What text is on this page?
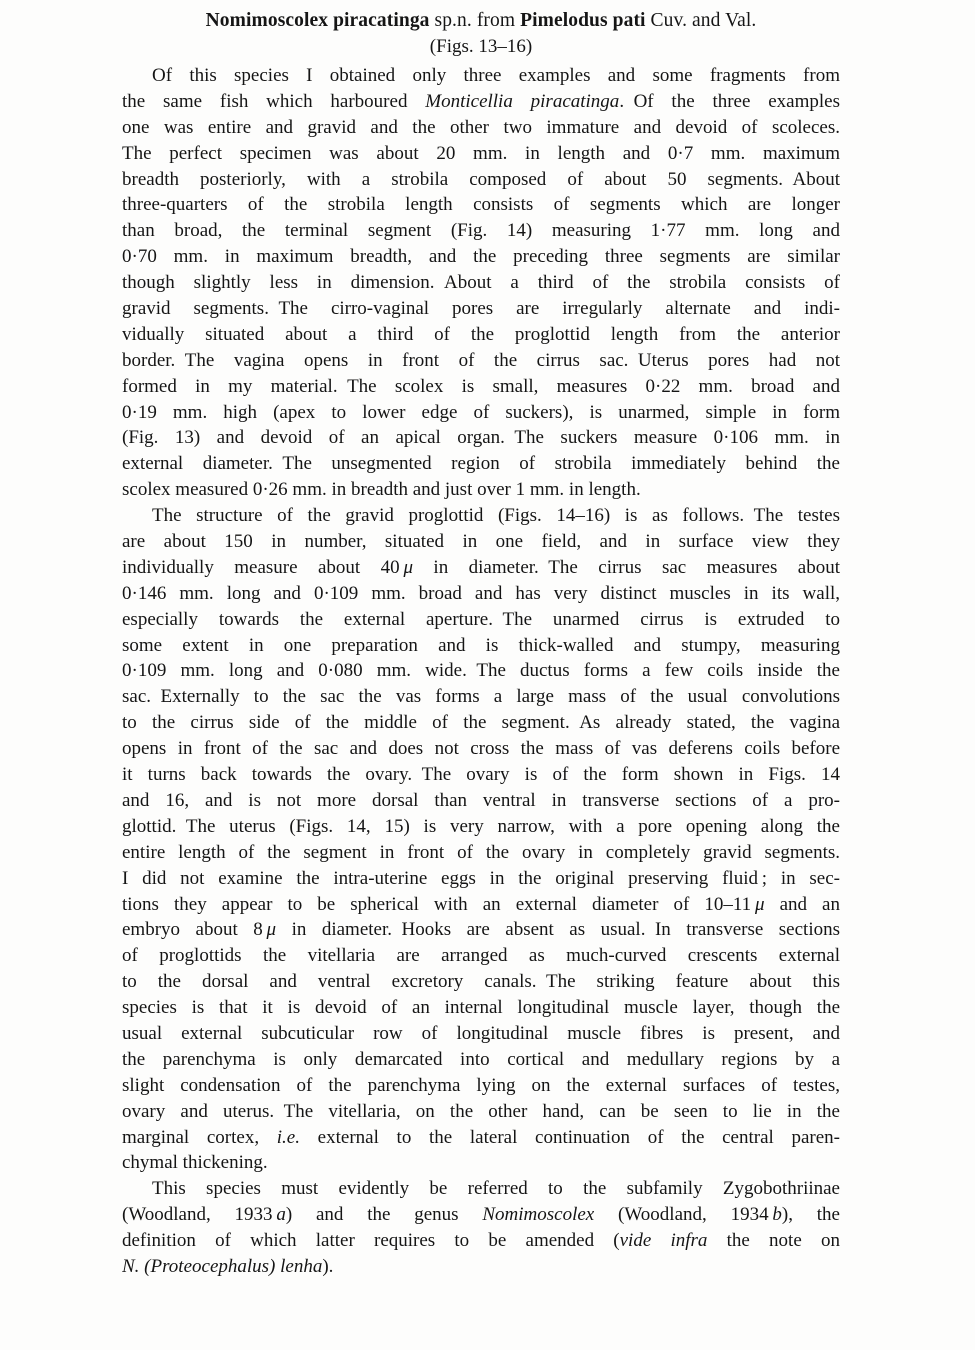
Nomimoscolex piracatinga sp.n. from Pimelodus pati Cuv. and Val.
(Figs. 13–16)
Of this species I obtained only three examples and some fragments from
the same fish which harboured Monticellia piracatinga. Of the three examples
one was entire and gravid and the other two immature and devoid of scoleces.
The perfect specimen was about 20 mm. in length and 0·7 mm. maximum
breadth posteriorly, with a strobila composed of about 50 segments. About
three-quarters of the strobila length consists of segments which are longer
than broad, the terminal segment (Fig. 14) measuring 1·77 mm. long and
0·70 mm. in maximum breadth, and the preceding three segments are similar
though slightly less in dimension. About a third of the strobila consists of
gravid segments. The cirro-vaginal pores are irregularly alternate and indi-
vidually situated about a third of the proglottid length from the anterior
border. The vagina opens in front of the cirrus sac. Uterus pores had not
formed in my material. The scolex is small, measures 0·22 mm. broad and
0·19 mm. high (apex to lower edge of suckers), is unarmed, simple in form
(Fig. 13) and devoid of an apical organ. The suckers measure 0·106 mm. in
external diameter. The unsegmented region of strobila immediately behind the
scolex measured 0·26 mm. in breadth and just over 1 mm. in length.
The structure of the gravid proglottid (Figs. 14–16) is as follows. The testes
are about 150 in number, situated in one field, and in surface view they
individually measure about 40 μ in diameter. The cirrus sac measures about
0·146 mm. long and 0·109 mm. broad and has very distinct muscles in its wall,
especially towards the external aperture. The unarmed cirrus is extruded to
some extent in one preparation and is thick-walled and stumpy, measuring
0·109 mm. long and 0·080 mm. wide. The ductus forms a few coils inside the
sac. Externally to the sac the vas forms a large mass of the usual convolutions
to the cirrus side of the middle of the segment. As already stated, the vagina
opens in front of the sac and does not cross the mass of vas deferens coils before
it turns back towards the ovary. The ovary is of the form shown in Figs. 14
and 16, and is not more dorsal than ventral in transverse sections of a pro-
glottid. The uterus (Figs. 14, 15) is very narrow, with a pore opening along the
entire length of the segment in front of the ovary in completely gravid segments.
I did not examine the intra-uterine eggs in the original preserving fluid ; in sec-
tions they appear to be spherical with an external diameter of 10–11 μ and an
embryo about 8 μ in diameter. Hooks are absent as usual. In transverse sections
of proglottids the vitellaria are arranged as much-curved crescents external
to the dorsal and ventral excretory canals. The striking feature about this
species is that it is devoid of an internal longitudinal muscle layer, though the
usual external subcuticular row of longitudinal muscle fibres is present, and
the parenchyma is only demarcated into cortical and medullary regions by a
slight condensation of the parenchyma lying on the external surfaces of testes,
ovary and uterus. The vitellaria, on the other hand, can be seen to lie in the
marginal cortex, i.e. external to the lateral continuation of the central paren-
chymal thickening.
This species must evidently be referred to the subfamily Zygobothriinae
(Woodland, 1933 a) and the genus Nomimoscolex (Woodland, 1934 b), the
definition of which latter requires to be amended (vide infra the note on
N. (Proteocephalus) lenha).
